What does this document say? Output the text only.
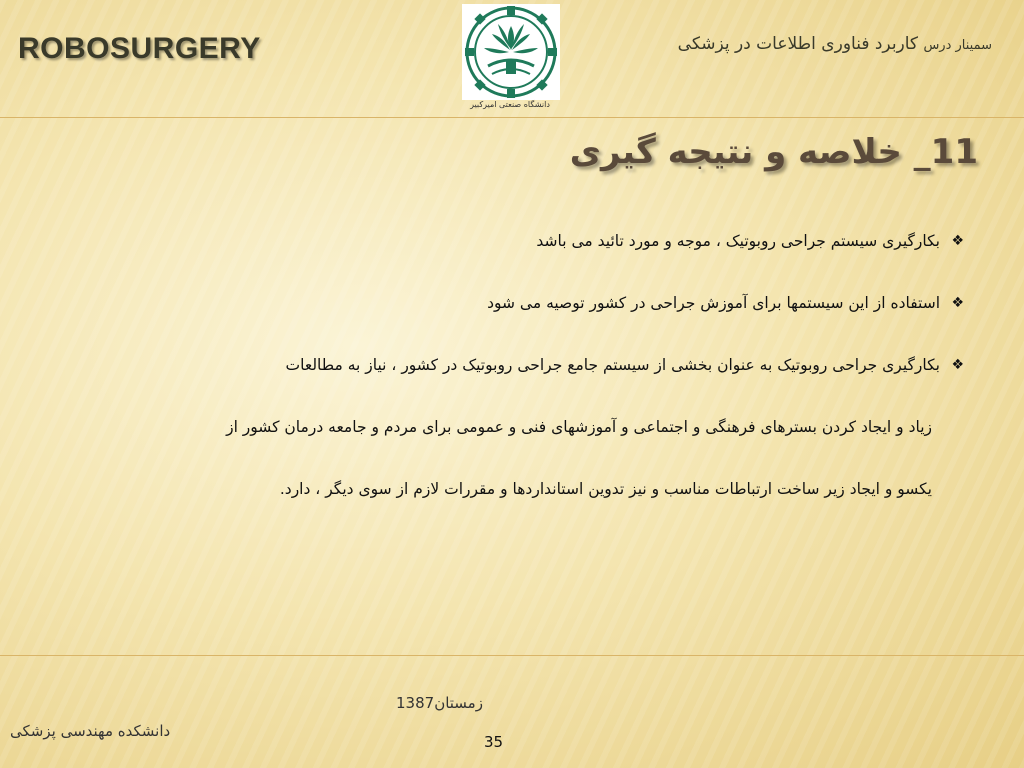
ROBOSURGERY
دانشگاه صنعتی امیرکبیر
سمینار درس کاربرد فناوری اطلاعات در پزشکی
11_ خلاصه و نتیجه گیری
❖
بکارگیری سیستم جراحی روبوتیک ، موجه و مورد تائید می باشد
❖
استفاده از این سیستمها برای آموزش جراحی در کشور توصیه می شود
❖
بکارگیری جراحی روبوتیک به عنوان بخشی از سیستم جامع جراحی روبوتیک در کشور ، نیاز به مطالعات
زیاد و ایجاد کردن بسترهای فرهنگی و اجتماعی و آموزشهای فنی و عمومی برای مردم و جامعه درمان کشور از یکسو و ایجاد زیر ساخت ارتباطات مناسب و نیز تدوین استانداردها و مقررات لازم از سوی دیگر ، دارد.
زمستان1387
دانشکده مهندسی پزشکی
35
